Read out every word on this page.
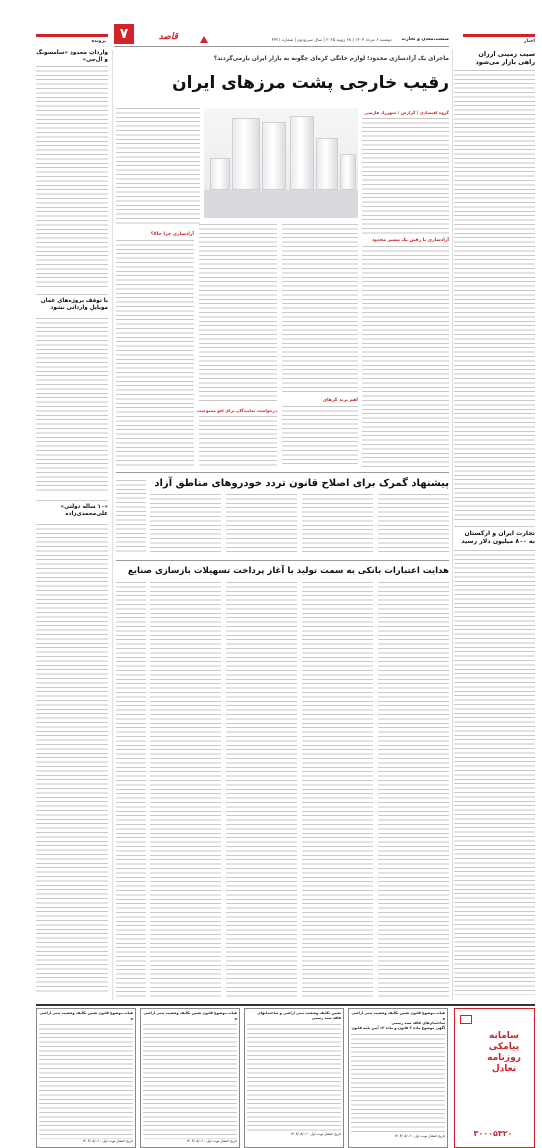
اخبار
۷
پرونده	قاصد	دوشنبه ۶ مرداد ۱۴۰۴ | ۲۸ ژوییه ۲۰۲۵ | سال سی‌ودوم | شماره ۴۳۲۱	صنعت،معدن و تجارت
سیب زمینی ارزان
راهی بازار می‌شود
تجارت ایران و ارکستان
به ۸۰۰ میلیون دلار رسید
وارداتِ محدودِ «سامسونگ و ال‌جی»
با توقف بروژه‌های عمان موبایلِ وارداتی نشود
«۱۰ ساله دولتی»
علی‌محمدی‌زاده
ماجرای یک آزادسازی محدود؛ لوازم خانگی کره‌ای چگونه به بازار ایران بازمی‌گردند؟
رقیب خارجی پشت مرزهای ایران
گروه اقتصادی | گزارش : شهرزاد فارسی
آزادسازی با رفتن یک مسیر محدود
اهم برند کرهای
درخواست نمایندگان برای لغو ممنوعیت
آزادسازی چرا حالا؟
پیشنهاد گمرک برای اصلاح قانون تردد خودروهای مناطق آزاد
هدایت اعتبارات بانکی به سمت تولید با آغاز پرداخت تسهیلات بازسازی صنایع
سامانه پیامکی روزنامه تعادل
۳۰۰۰۵۳۲۰
هیات موضوع قانون تعیین تکلیف وضعیت ثبتی اراضی و
ساختمان‌های فاقد سند رسمی
آگهی موضوع ماده ۳ قانون و ماده ۱۳ آیین نامه قانون
تاریخ انتشار نوبت اول : ۱۴۰۴/۰۵/۰۶
تعیین تکلیف وضعیت ثبتی اراضی و ساختمانهای
فاقد سند رسمی
تاریخ انتشار نوبت اول : ۱۴۰۴/۰۵/۰۶
هیات موضوع قانون تعیین تکلیف وضعیت ثبتی اراضی و
تاریخ انتشار نوبت اول : ۱۴۰۴/۰۵/۰۶
هیات موضوع قانون تعیین تکلیف وضعیت ثبتی اراضی و
تاریخ انتشار نوبت اول : ۱۴۰۴/۰۵/۰۶
